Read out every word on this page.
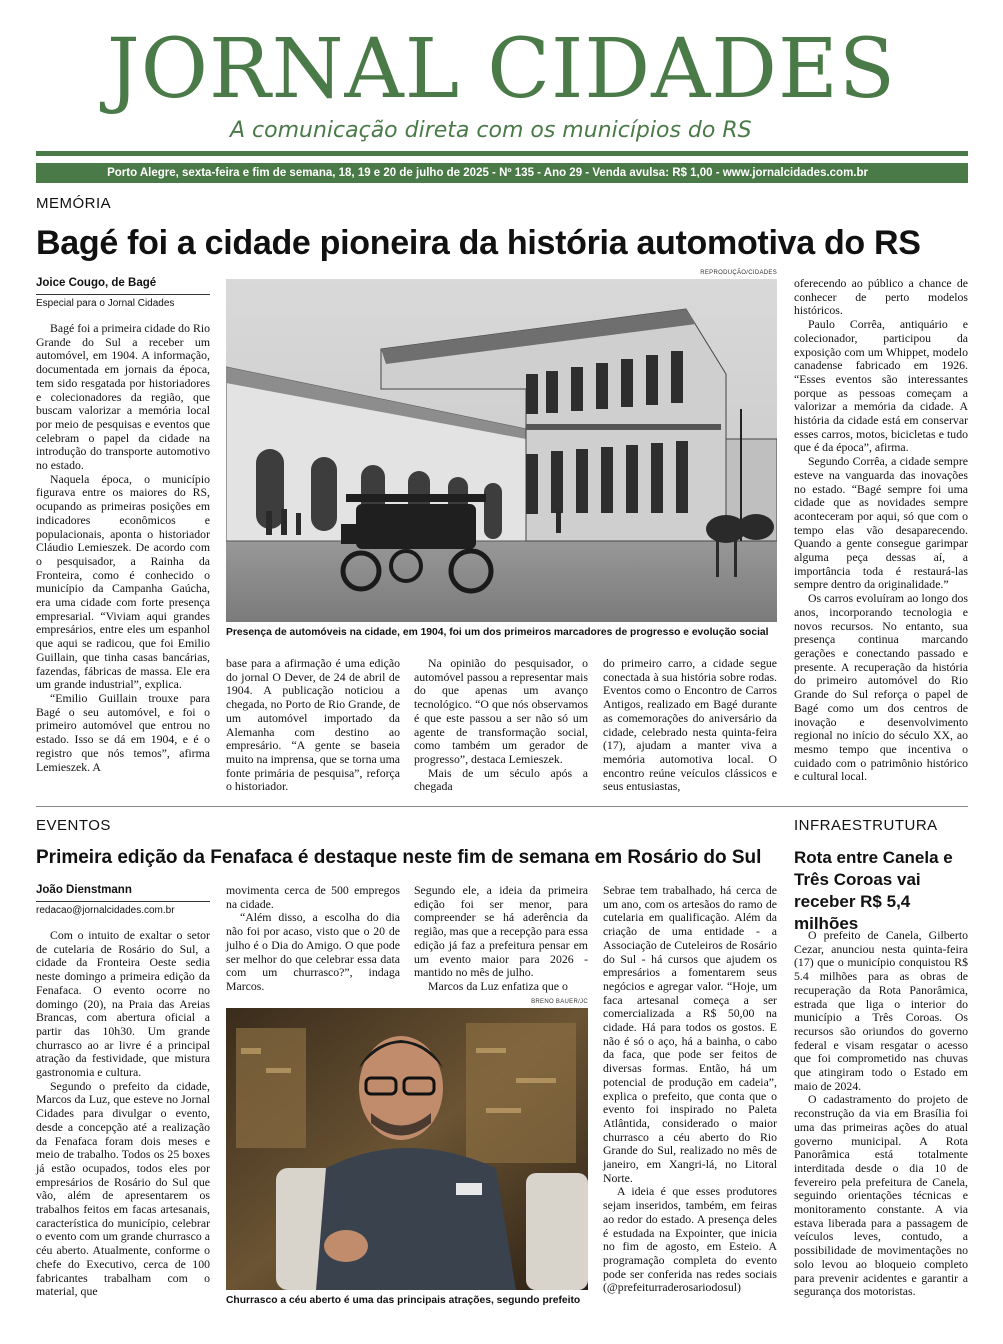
JORNAL CIDADES
A comunicação direta com os municípios do RS
Porto Alegre, sexta-feira e fim de semana, 18, 19 e 20 de julho de 2025 - Nº 135 - Ano 29 - Venda avulsa: R$ 1,00 - www.jornalcidades.com.br
MEMÓRIA
Bagé foi a cidade pioneira da história automotiva do RS
Joice Cougo, de Bagé
Especial para o Jornal Cidades

Bagé foi a primeira cidade do Rio Grande do Sul a receber um automóvel, em 1904. A informação, documentada em jornais da época, tem sido resgatada por historiadores e colecionadores da região, que buscam valorizar a memória local por meio de pesquisas e eventos que celebram o papel da cidade na introdução do transporte automotivo no estado.

Naquela época, o município figurava entre os maiores do RS, ocupando as primeiras posições em indicadores econômicos e populacionais, aponta o historiador Cláudio Lemieszek. De acordo com o pesquisador, a Rainha da Fronteira, como é conhecido o município da Campanha Gaúcha, era uma cidade com forte presença empresarial. “Viviam aqui grandes empresários, entre eles um espanhol que aqui se radicou, que foi Emilio Guillain, que tinha casas bancárias, fazendas, fábricas de massa. Ele era um grande industrial”, explica.

“Emilio Guillain trouxe para Bagé o seu automóvel, e foi o primeiro automóvel que entrou no estado. Isso se dá em 1904, e é o registro que nós temos”, afirma Lemieszek. A

REPRODUÇÃO/CIDADES
Presença de automóveis na cidade, em 1904, foi um dos primeiros marcadores de progresso e evolução social

base para a afirmação é uma edição do jornal O Dever, de 24 de abril de 1904. A publicação noticiou a chegada, no Porto de Rio Grande, de um automóvel importado da Alemanha com destino ao empresário. “A gente se baseia muito na imprensa, que se torna uma fonte primária de pesquisa”, reforça o historiador.

Na opinião do pesquisador, o automóvel passou a representar mais do que apenas um avanço tecnológico. “O que nós observamos é que este passou a ser não só um agente de transformação social, como também um gerador de progresso”, destaca Lemieszek.

Mais de um século após a chegada

do primeiro carro, a cidade segue conectada à sua história sobre rodas. Eventos como o Encontro de Carros Antigos, realizado em Bagé durante as comemorações do aniversário da cidade, celebrado nesta quinta-feira (17), ajudam a manter viva a memória automotiva local. O encontro reúne veículos clássicos e seus entusiastas,

oferecendo ao público a chance de conhecer de perto modelos históricos.

Paulo Corrêa, antiquário e colecionador, participou da exposição com um Whippet, modelo canadense fabricado em 1926. “Esses eventos são interessantes porque as pessoas começam a valorizar a memória da cidade. A história da cidade está em conservar esses carros, motos, bicicletas e tudo que é da época”, afirma.

Segundo Corrêa, a cidade sempre esteve na vanguarda das inovações no estado. “Bagé sempre foi uma cidade que as novidades sempre aconteceram por aqui, só que com o tempo elas vão desaparecendo. Quando a gente consegue garimpar alguma peça dessas aí, a importância toda é restaurá-las sempre dentro da originalidade.”

Os carros evoluíram ao longo dos anos, incorporando tecnologia e novos recursos. No entanto, sua presença continua marcando gerações e conectando passado e presente. A recuperação da história do primeiro automóvel do Rio Grande do Sul reforça o papel de Bagé como um dos centros de inovação e desenvolvimento regional no início do século XX, ao mesmo tempo que incentiva o cuidado com o patrimônio histórico e cultural local.

EVENTOS
Primeira edição da Fenafaca é destaque neste fim de semana em Rosário do Sul
João Dienstmann
redacao@jornalcidades.com.br

Com o intuito de exaltar o setor de cutelaria de Rosário do Sul, a cidade da Fronteira Oeste sedia neste domingo a primeira edição da Fenafaca. O evento ocorre no domingo (20), na Praia das Areias Brancas, com abertura oficial a partir das 10h30. Um grande churrasco ao ar livre é a principal atração da festividade, que mistura gastronomia e cultura.

Segundo o prefeito da cidade, Marcos da Luz, que esteve no Jornal Cidades para divulgar o evento, desde a concepção até a realização da Fenafaca foram dois meses e meio de trabalho. Todos os 25 boxes já estão ocupados, todos eles por empresários de Rosário do Sul que vão, além de apresentarem os trabalhos feitos em facas artesanais, característica do município, celebrar o evento com um grande churrasco a céu aberto. Atualmente, conforme o chefe do Executivo, cerca de 100 fabricantes trabalham com o material, que

movimenta cerca de 500 empregos na cidade.

“Além disso, a escolha do dia não foi por acaso, visto que o 20 de julho é o Dia do Amigo. O que pode ser melhor do que celebrar essa data com um churrasco?”, indaga Marcos.

Segundo ele, a ideia da primeira edição foi ser menor, para compreender se há aderência da região, mas que a recepção para essa edição já faz a prefeitura pensar em um evento maior para 2026 - mantido no mês de julho.

Marcos da Luz enfatiza que o

BRENO BAUER/JC
Churrasco a céu aberto é uma das principais atrações, segundo prefeito

Sebrae tem trabalhado, há cerca de um ano, com os artesãos do ramo de cutelaria em qualificação. Além da criação de uma entidade - a Associação de Cuteleiros de Rosário do Sul - há cursos que ajudem os empresários a fomentarem seus negócios e agregar valor. “Hoje, um faca artesanal começa a ser comercializada a R$ 50,00 na cidade. Há para todos os gostos. E não é só o aço, há a bainha, o cabo da faca, que pode ser feitos de diversas formas. Então, há um potencial de produção em cadeia”, explica o prefeito, que conta que o evento foi inspirado no Paleta Atlântida, considerado o maior churrasco a céu aberto do Rio Grande do Sul, realizado no mês de janeiro, em Xangri-lá, no Litoral Norte.

A ideia é que esses produtores sejam inseridos, também, em feiras ao redor do estado. A presença deles é estudada na Expointer, que inicia no fim de agosto, em Esteio. A programação completa do evento pode ser conferida nas redes sociais (@prefeiturraderosariodosul)

INFRAESTRUTURA
Rota entre Canela e Três Coroas vai receber R$ 5,4 milhões

O prefeito de Canela, Gilberto Cezar, anunciou nesta quinta-feira (17) que o município conquistou R$ 5.4 milhões para as obras de recuperação da Rota Panorâmica, estrada que liga o interior do município a Três Coroas. Os recursos são oriundos do governo federal e visam resgatar o acesso que foi comprometido nas chuvas que atingiram todo o Estado em maio de 2024.

O cadastramento do projeto de reconstrução da via em Brasília foi uma das primeiras ações do atual governo municipal. A Rota Panorâmica está totalmente interditada desde o dia 10 de fevereiro pela prefeitura de Canela, seguindo orientações técnicas e monitoramento constante. A via estava liberada para a passagem de veículos leves, contudo, a possibilidade de movimentações no solo levou ao bloqueio completo para prevenir acidentes e garantir a segurança dos motoristas.
